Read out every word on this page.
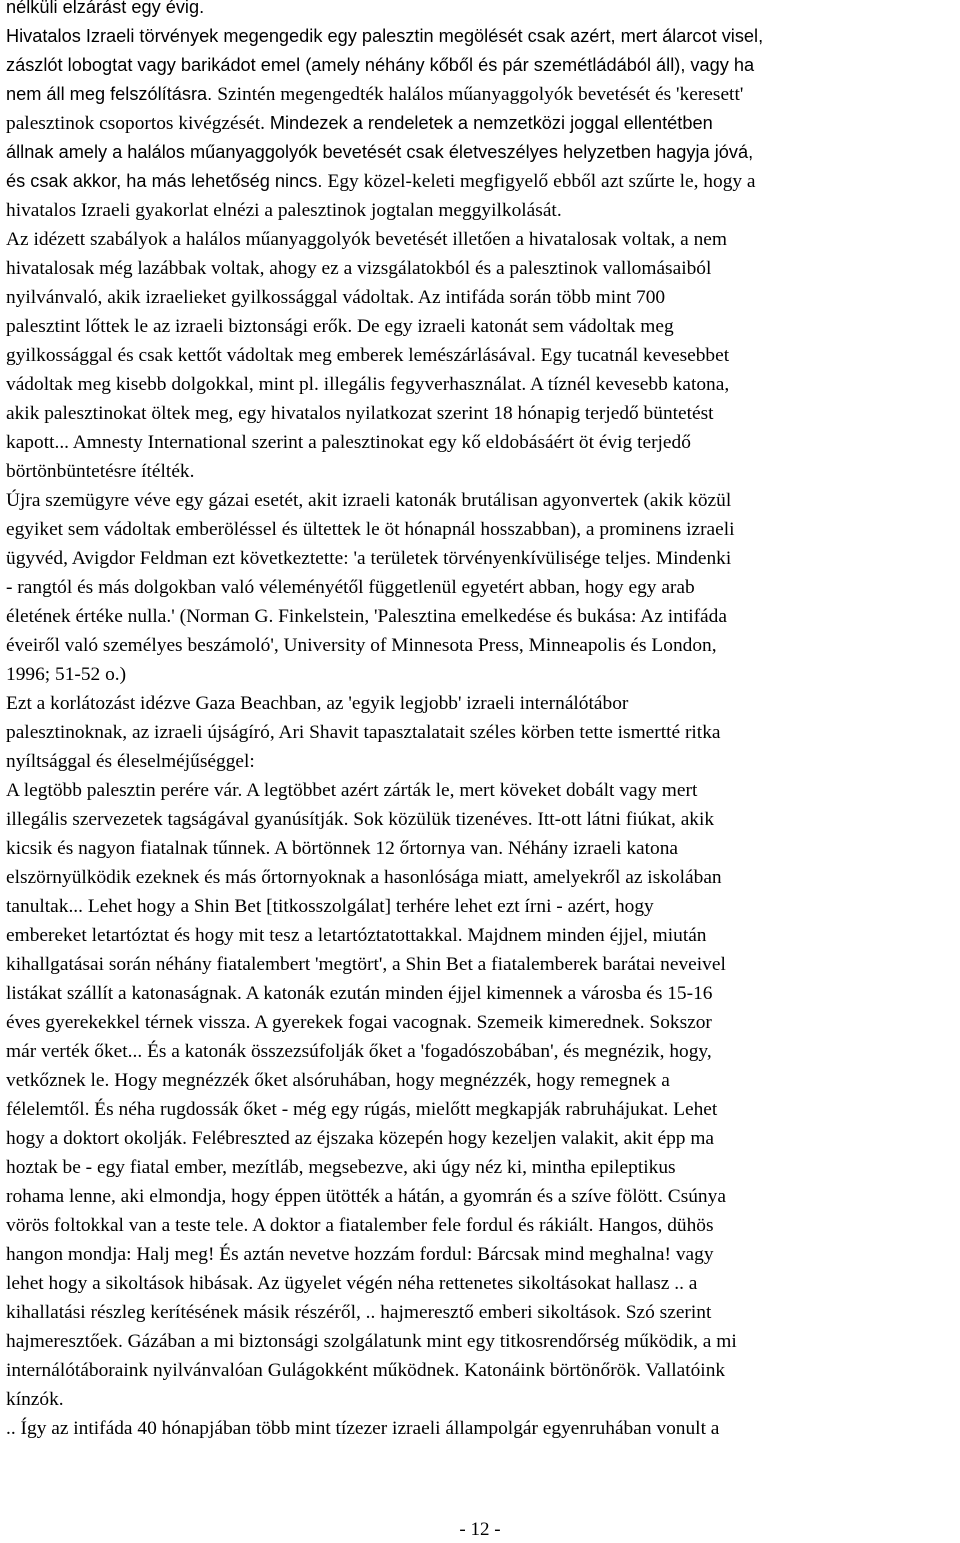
nélküli elzárást egy évig.

Hivatalos Izraeli törvények megengedik egy palesztin megölését csak azért, mert álarcot visel,

zászlót lobogtat vagy barikádot emel (amely néhány kőből és pár szemétládából áll), vagy ha

nem áll meg felszólításra. Szintén megengedték halálos műanyaggolyók bevetését és 'keresett'

palesztinok csoportos kivégzését. Mindezek a rendeletek a nemzetközi joggal ellentétben

állnak amely a halálos műanyaggolyók bevetését csak életveszélyes helyzetben hagyja jóvá,

és csak akkor, ha más lehetőség nincs. Egy közel-keleti megfigyelő ebből azt szűrte le, hogy a

hivatalos Izraeli gyakorlat elnézi a palesztinok jogtalan meggyilkolását.

Az idézett szabályok a halálos műanyaggolyók bevetését illetően a hivatalosak voltak, a nem

hivatalosak még lazábbak voltak, ahogy ez a vizsgálatokból és a palesztinok vallomásaiból

nyilvánvaló, akik izraelieket gyilkossággal vádoltak. Az intifáda során több mint 700

palesztint lőttek le az izraeli biztonsági erők. De egy izraeli katonát sem vádoltak meg

gyilkossággal és csak kettőt vádoltak meg emberek lemészárlásával. Egy tucatnál kevesebbet

vádoltak meg kisebb dolgokkal, mint pl. illegális fegyverhasználat. A tíznél kevesebb katona,

akik palesztinokat öltek meg, egy hivatalos nyilatkozat szerint 18 hónapig terjedő büntetést

kapott... Amnesty International szerint a palesztinokat egy kő eldobásáért öt évig terjedő

börtönbüntetésre ítélték.

Újra szemügyre véve egy gázai esetét, akit izraeli katonák brutálisan agyonvertek (akik közül

egyiket sem vádoltak emberöléssel és ültettek le öt hónapnál hosszabban), a prominens izraeli

ügyvéd, Avigdor Feldman ezt következtette: 'a területek törvényenkívülisége teljes. Mindenki

- rangtól és más dolgokban való véleményétől függetlenül egyetért abban, hogy egy arab

életének értéke nulla.' (Norman G. Finkelstein, 'Palesztina emelkedése és bukása: Az intifáda

éveiről való személyes beszámoló', University of Minnesota Press, Minneapolis és London,

1996; 51-52 o.)

Ezt a korlátozást idézve Gaza Beachban, az 'egyik legjobb' izraeli internálótábor

palesztinoknak, az izraeli újságíró, Ari Shavit tapasztalatait széles körben tette ismertté ritka

nyíltsággal és éleselméjűséggel:

A legtöbb palesztin perére vár. A legtöbbet azért zárták le, mert köveket dobált vagy mert

illegális szervezetek tagságával gyanúsítják. Sok közülük tizenéves. Itt-ott látni fiúkat, akik

kicsik és nagyon fiatalnak tűnnek. A börtönnek 12 őrtornya van. Néhány izraeli katona

elszörnyülködik ezeknek és más őrtornyoknak a hasonlósága miatt, amelyekről az iskolában

tanultak... Lehet hogy a Shin Bet [titkosszolgálat] terhére lehet ezt írni - azért, hogy

embereket letartóztat és hogy mit tesz a letartóztatottakkal. Majdnem minden éjjel, miután

kihallgatásai során néhány fiatalembert 'megtört', a Shin Bet a fiatalemberek barátai neveivel

listákat szállít a katonaságnak. A katonák ezután minden éjjel kimennek a városba és 15-16

éves gyerekekkel térnek vissza. A gyerekek fogai vacognak. Szemeik kimerednek. Sokszor

már verték őket... És a katonák összezsúfolják őket a 'fogadószobában', és megnézik, hogy,

vetkőznek le. Hogy megnézzék őket alsóruhában, hogy megnézzék, hogy remegnek a

félelemtől. És néha rugdossák őket - még egy rúgás, mielőtt megkapják rabruhájukat. Lehet

hogy a doktort okolják. Felébreszted az éjszaka közepén hogy kezeljen valakit, akit épp ma

hoztak be - egy fiatal ember, mezítláb, megsebezve, aki úgy néz ki, mintha epileptikus

rohama lenne, aki elmondja, hogy éppen ütötték a hátán, a gyomrán és a szíve fölött. Csúnya

vörös foltokkal van a teste tele. A doktor a fiatalember fele fordul és rákiált. Hangos, dühös

hangon mondja: Halj meg! És aztán nevetve hozzám fordul: Bárcsak mind meghalna! vagy

lehet hogy a sikoltások hibásak. Az ügyelet végén néha rettenetes sikoltásokat hallasz .. a

kihallatási részleg kerítésének másik részéről, .. hajmeresztő emberi sikoltások. Szó szerint

hajmeresztőek. Gázában a mi biztonsági szolgálatunk mint egy titkosrendőrség működik, a mi

internálótáboraink nyilvánvalóan Gulágokként működnek. Katonáink börtönőrök. Vallatóink

kínzók.

.. Így az intifáda 40 hónapjában több mint tízezer izraeli állampolgár egyenruhában vonult a

- 12 -
